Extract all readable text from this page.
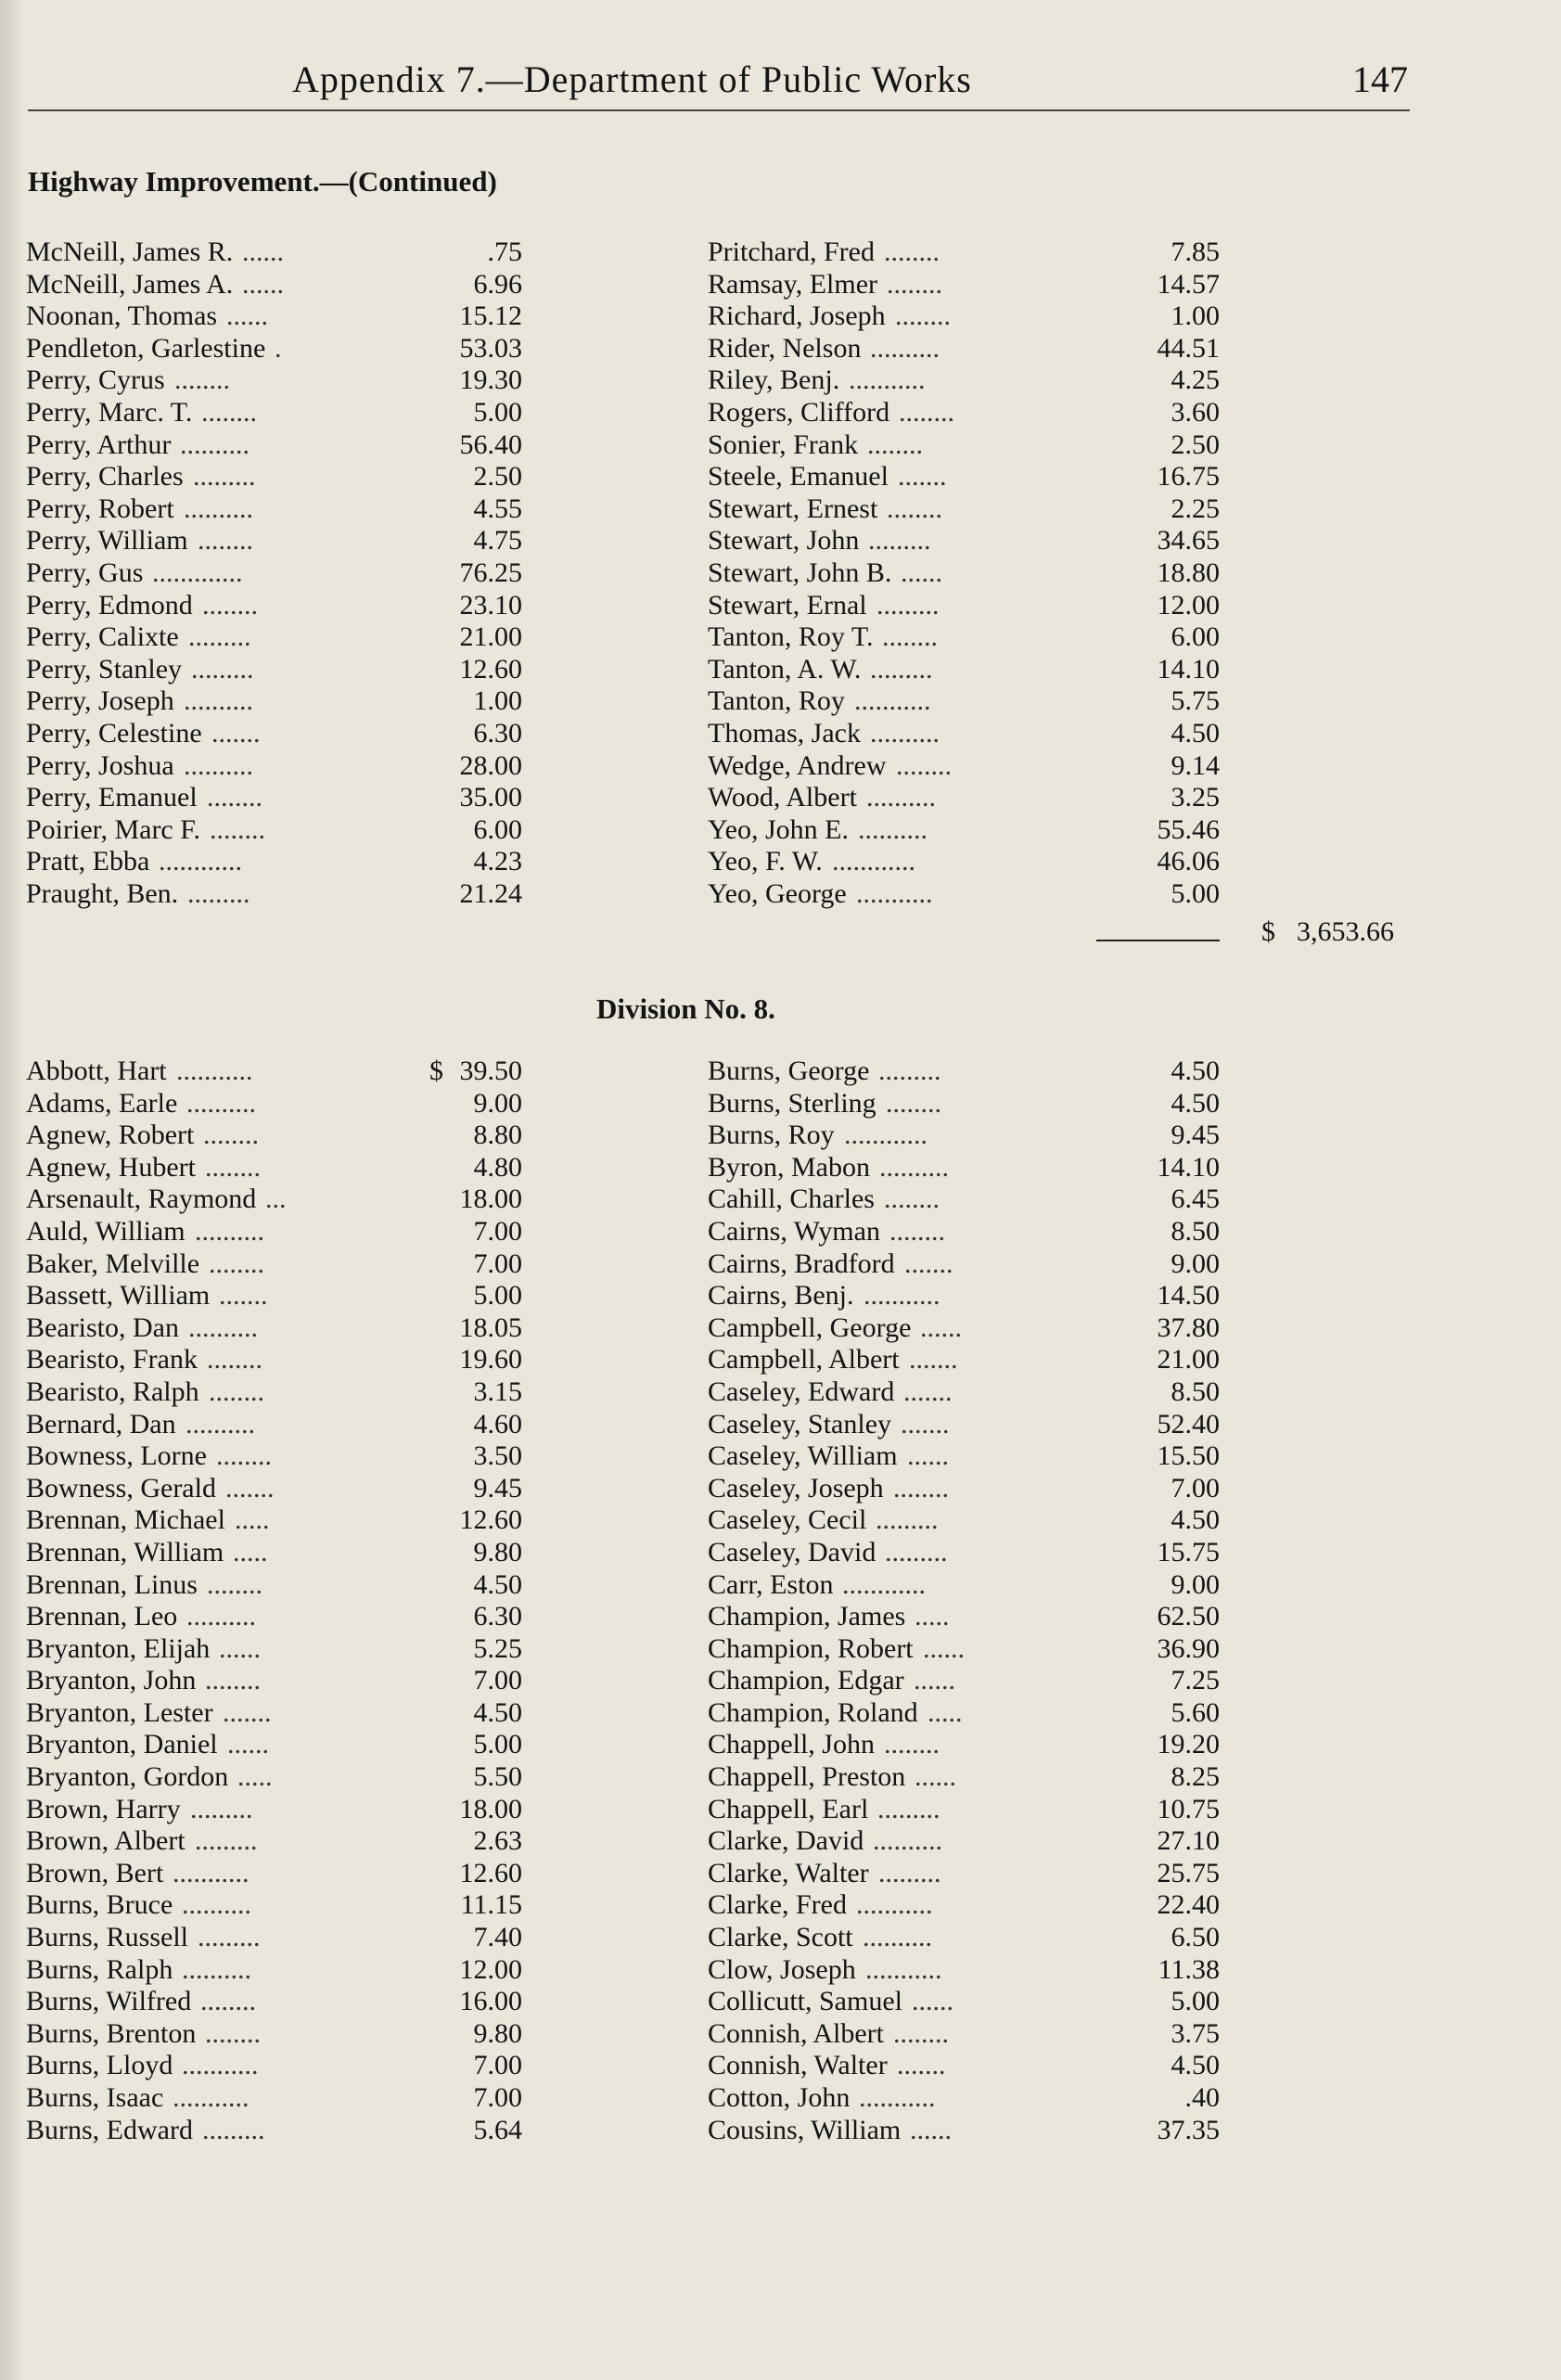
Appendix 7.—Department of Public Works	147
Highway Improvement.—(Continued)
McNeill, James R. ......	.75
McNeill, James A. ......	6.96
Noonan, Thomas ......	15.12
Pendleton, Garlestine .	53.03
Perry, Cyrus ........	19.30
Perry, Marc. T. ........	5.00
Perry, Arthur ..........	56.40
Perry, Charles .........	2.50
Perry, Robert ..........	4.55
Perry, William ........	4.75
Perry, Gus .............	76.25
Perry, Edmond ........	23.10
Perry, Calixte .........	21.00
Perry, Stanley .........	12.60
Perry, Joseph ..........	1.00
Perry, Celestine .......	6.30
Perry, Joshua ..........	28.00
Perry, Emanuel ........	35.00
Poirier, Marc F. ........	6.00
Pratt, Ebba ............	4.23
Praught, Ben. .........	21.24
Pritchard, Fred ........	7.85
Ramsay, Elmer ........	14.57
Richard, Joseph ........	1.00
Rider, Nelson ..........	44.51
Riley, Benj. ...........	4.25
Rogers, Clifford ........	3.60
Sonier, Frank ........	2.50
Steele, Emanuel .......	16.75
Stewart, Ernest ........	2.25
Stewart, John .........	34.65
Stewart, John B. ......	18.80
Stewart, Ernal .........	12.00
Tanton, Roy T. ........	6.00
Tanton, A. W. .........	14.10
Tanton, Roy ...........	5.75
Thomas, Jack ..........	4.50
Wedge, Andrew ........	9.14
Wood, Albert ..........	3.25
Yeo, John E. ..........	55.46
Yeo, F. W. ............	46.06
Yeo, George ...........	5.00
$ 3,653.66
Division No. 8.
Abbott, Hart ...........	$ 39.50
Adams, Earle ..........	9.00
Agnew, Robert ........	8.80
Agnew, Hubert ........	4.80
Arsenault, Raymond ...	18.00
Auld, William ..........	7.00
Baker, Melville ........	7.00
Bassett, William .......	5.00
Bearisto, Dan ..........	18.05
Bearisto, Frank ........	19.60
Bearisto, Ralph ........	3.15
Bernard, Dan ..........	4.60
Bowness, Lorne ........	3.50
Bowness, Gerald .......	9.45
Brennan, Michael .....	12.60
Brennan, William .....	9.80
Brennan, Linus ........	4.50
Brennan, Leo ..........	6.30
Bryanton, Elijah ......	5.25
Bryanton, John ........	7.00
Bryanton, Lester .......	4.50
Bryanton, Daniel ......	5.00
Bryanton, Gordon .....	5.50
Brown, Harry .........	18.00
Brown, Albert .........	2.63
Brown, Bert ...........	12.60
Burns, Bruce ..........	11.15
Burns, Russell .........	7.40
Burns, Ralph ..........	12.00
Burns, Wilfred ........	16.00
Burns, Brenton ........	9.80
Burns, Lloyd ...........	7.00
Burns, Isaac ...........	7.00
Burns, Edward .........	5.64
Burns, George .........	4.50
Burns, Sterling ........	4.50
Burns, Roy ............	9.45
Byron, Mabon ..........	14.10
Cahill, Charles ........	6.45
Cairns, Wyman ........	8.50
Cairns, Bradford .......	9.00
Cairns, Benj. ...........	14.50
Campbell, George ......	37.80
Campbell, Albert .......	21.00
Caseley, Edward .......	8.50
Caseley, Stanley .......	52.40
Caseley, William ......	15.50
Caseley, Joseph ........	7.00
Caseley, Cecil .........	4.50
Caseley, David .........	15.75
Carr, Eston ............	9.00
Champion, James .....	62.50
Champion, Robert ......	36.90
Champion, Edgar ......	7.25
Champion, Roland .....	5.60
Chappell, John ........	19.20
Chappell, Preston ......	8.25
Chappell, Earl .........	10.75
Clarke, David ..........	27.10
Clarke, Walter .........	25.75
Clarke, Fred ...........	22.40
Clarke, Scott ..........	6.50
Clow, Joseph ...........	11.38
Collicutt, Samuel ......	5.00
Connish, Albert ........	3.75
Connish, Walter .......	4.50
Cotton, John ...........	.40
Cousins, William ......	37.35
